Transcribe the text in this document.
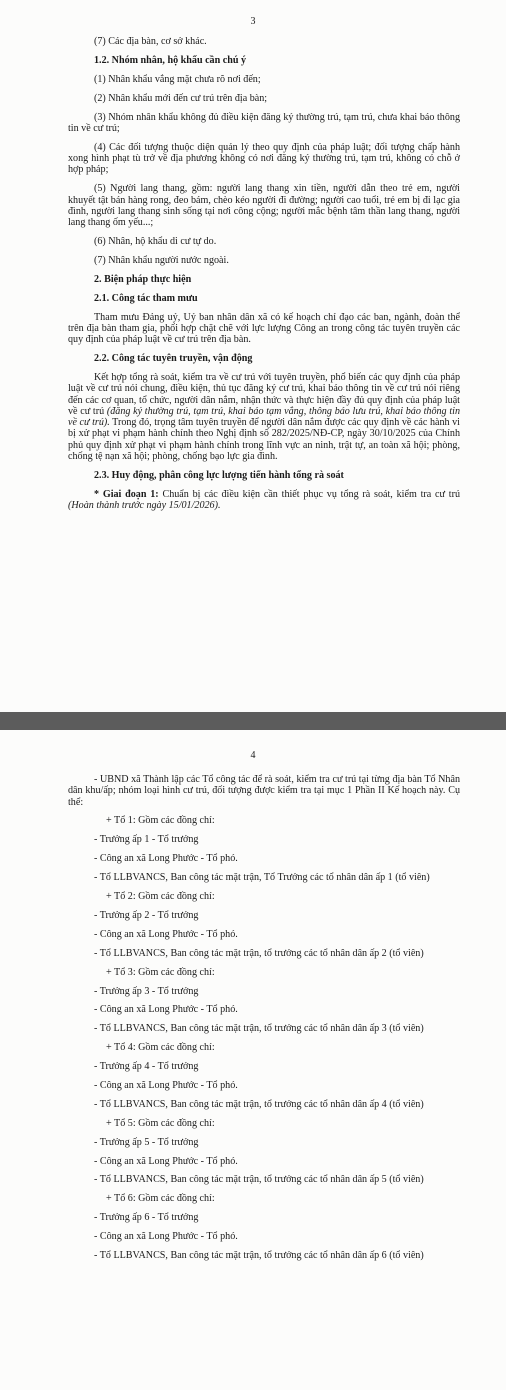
3

(7) Các địa bàn, cơ sở khác.

1.2. Nhóm nhân, hộ khẩu cần chú ý

(1) Nhân khẩu vắng mặt chưa rõ nơi đến;

(2) Nhân khẩu mới đến cư trú trên địa bàn;

(3) Nhóm nhân khẩu không đủ điều kiện đăng ký thường trú, tạm trú, chưa khai báo thông tin về cư trú;

(4) Các đối tượng thuộc diện quản lý theo quy định của pháp luật; đối tượng chấp hành xong hình phạt tù trở về địa phương không có nơi đăng ký thường trú, tạm trú, không có chỗ ở hợp pháp;

(5) Người lang thang, gồm: người lang thang xin tiền, người dẫn theo trẻ em, người khuyết tật bán hàng rong, đeo bám, chèo kéo người đi đường; người cao tuổi, trẻ em bị đi lạc gia đình, người lang thang sinh sống tại nơi công cộng; người mắc bệnh tâm thần lang thang, người lang thang ốm yếu...;

(6) Nhân, hộ khẩu di cư tự do.

(7) Nhân khẩu người nước ngoài.

2. Biện pháp thực hiện

2.1. Công tác tham mưu

Tham mưu Đảng uỷ, Uỷ ban nhân dân xã có kế hoạch chỉ đạo các ban, ngành, đoàn thể trên địa bàn tham gia, phối hợp chặt chẽ với lực lượng Công an trong công tác tuyên truyền các quy định của pháp luật về cư trú trên địa bàn.

2.2. Công tác tuyên truyền, vận động

Kết hợp tổng rà soát, kiểm tra về cư trú với tuyên truyền, phổ biến các quy định của pháp luật về cư trú nói chung, điều kiện, thủ tục đăng ký cư trú, khai báo thông tin về cư trú nói riêng đến các cơ quan, tổ chức, người dân nắm, nhận thức và thực hiện đầy đủ quy định của pháp luật về cư trú (đăng ký thường trú, tạm trú, khai báo tạm vắng, thông báo lưu trú, khai báo thông tin về cư trú). Trong đó, trọng tâm tuyên truyền để người dân nắm được các quy định về các hành vi bị xử phạt vi phạm hành chính theo Nghị định số 282/2025/NĐ-CP, ngày 30/10/2025 của Chính phủ quy định xử phạt vi phạm hành chính trong lĩnh vực an ninh, trật tự, an toàn xã hội; phòng, chống tệ nạn xã hội; phòng, chống bạo lực gia đình.

2.3. Huy động, phân công lực lượng tiến hành tổng rà soát

* Giai đoạn 1: Chuẩn bị các điều kiện cần thiết phục vụ tổng rà soát, kiểm tra cư trú (Hoàn thành trước ngày 15/01/2026).

4

- UBND xã Thành lập các Tổ công tác để rà soát, kiểm tra cư trú tại từng địa bàn Tổ Nhân dân khu/ấp; nhóm loại hình cư trú, đối tượng được kiểm tra tại mục 1 Phần II Kế hoạch này. Cụ thể:

+ Tổ 1: Gồm các đồng chí:

- Trưởng ấp 1 - Tổ trưởng

- Công an xã Long Phước - Tổ phó.

- Tổ LLBVANCS, Ban công tác mặt trận, Tổ Trưởng các tổ nhân dân ấp 1 (tổ viên)

+ Tổ 2: Gồm các đồng chí:

- Trưởng ấp 2 - Tổ trưởng

- Công an xã Long Phước - Tổ phó.

- Tổ LLBVANCS, Ban công tác mặt trận, tổ trưởng các tổ nhân dân ấp 2 (tổ viên)

+ Tổ 3: Gồm các đồng chí:

- Trưởng ấp 3 - Tổ trưởng

- Công an xã Long Phước - Tổ phó.

- Tổ LLBVANCS, Ban công tác mặt trận, tổ trưởng các tổ nhân dân ấp 3 (tổ viên)

+ Tổ 4: Gồm các đồng chí:

- Trưởng ấp 4 - Tổ trưởng

- Công an xã Long Phước - Tổ phó.

- Tổ LLBVANCS, Ban công tác mặt trận, tổ trưởng các tổ nhân dân ấp 4 (tổ viên)

+ Tổ 5: Gồm các đồng chí:

- Trưởng ấp 5 - Tổ trưởng

- Công an xã Long Phước - Tổ phó.

- Tổ LLBVANCS, Ban công tác mặt trận, tổ trưởng các tổ nhân dân ấp 5 (tổ viên)

+ Tổ 6: Gồm các đồng chí:

- Trưởng ấp 6 - Tổ trưởng

- Công an xã Long Phước - Tổ phó.

- Tổ LLBVANCS, Ban công tác mặt trận, tổ trưởng các tổ nhân dân ấp 6 (tổ viên)
